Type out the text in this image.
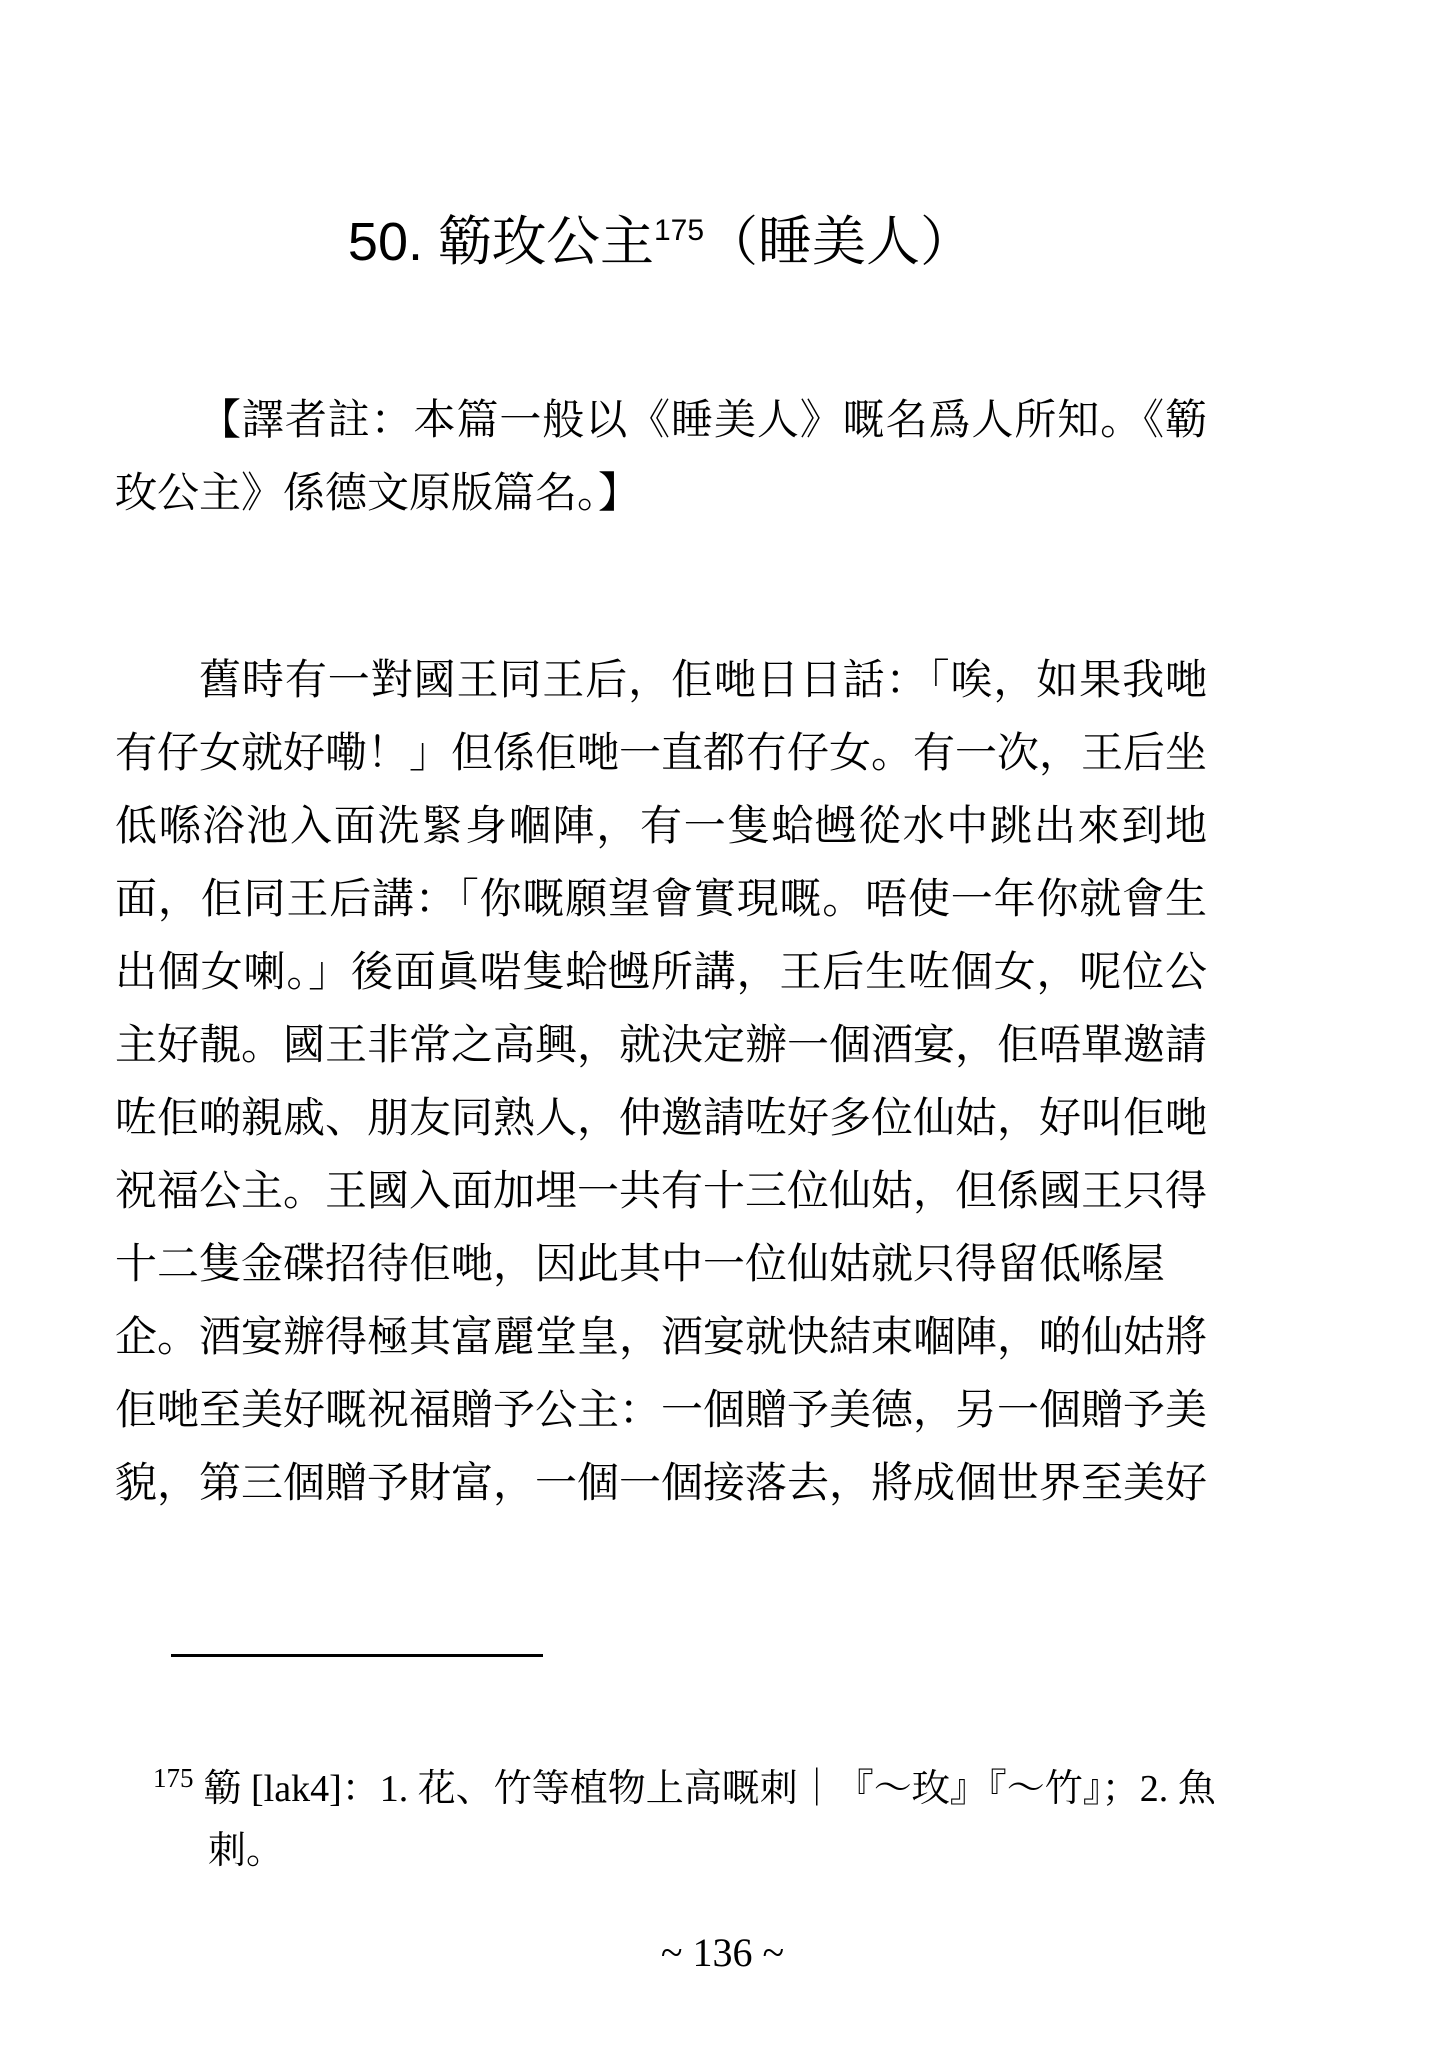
50. 簕玫公主175（睡美人）
【譯者註：本篇一般以《睡美人》嘅名爲人所知。《簕
玫公主》係德文原版篇名。】
舊時有一對國王同王后，佢哋日日話：「唉，如果我哋
有仔女就好嘞！」但係佢哋一直都冇仔女。有一次，王后坐
低喺浴池入面洗緊身嗰陣，有一隻蛤乸從水中跳出來到地
面，佢同王后講：「你嘅願望會實現嘅。唔使一年你就會生
出個女喇。」後面眞啱隻蛤乸所講，王后生咗個女，呢位公
主好靚。國王非常之高興，就決定辦一個酒宴，佢唔單邀請
咗佢啲親戚、朋友同熟人，仲邀請咗好多位仙姑，好叫佢哋
祝福公主。王國入面加埋一共有十三位仙姑，但係國王只得
十二隻金碟招待佢哋，因此其中一位仙姑就只得留低喺屋
企。酒宴辦得極其富麗堂皇，酒宴就快結束嗰陣，啲仙姑將
佢哋至美好嘅祝福贈予公主：一個贈予美德，另一個贈予美
貌，第三個贈予財富，一個一個接落去，將成個世界至美好
175 簕 [lak4]：1. 花、竹等植物上高嘅刺｜『～玫』『～竹』；2. 魚
刺。
~ 136 ~
